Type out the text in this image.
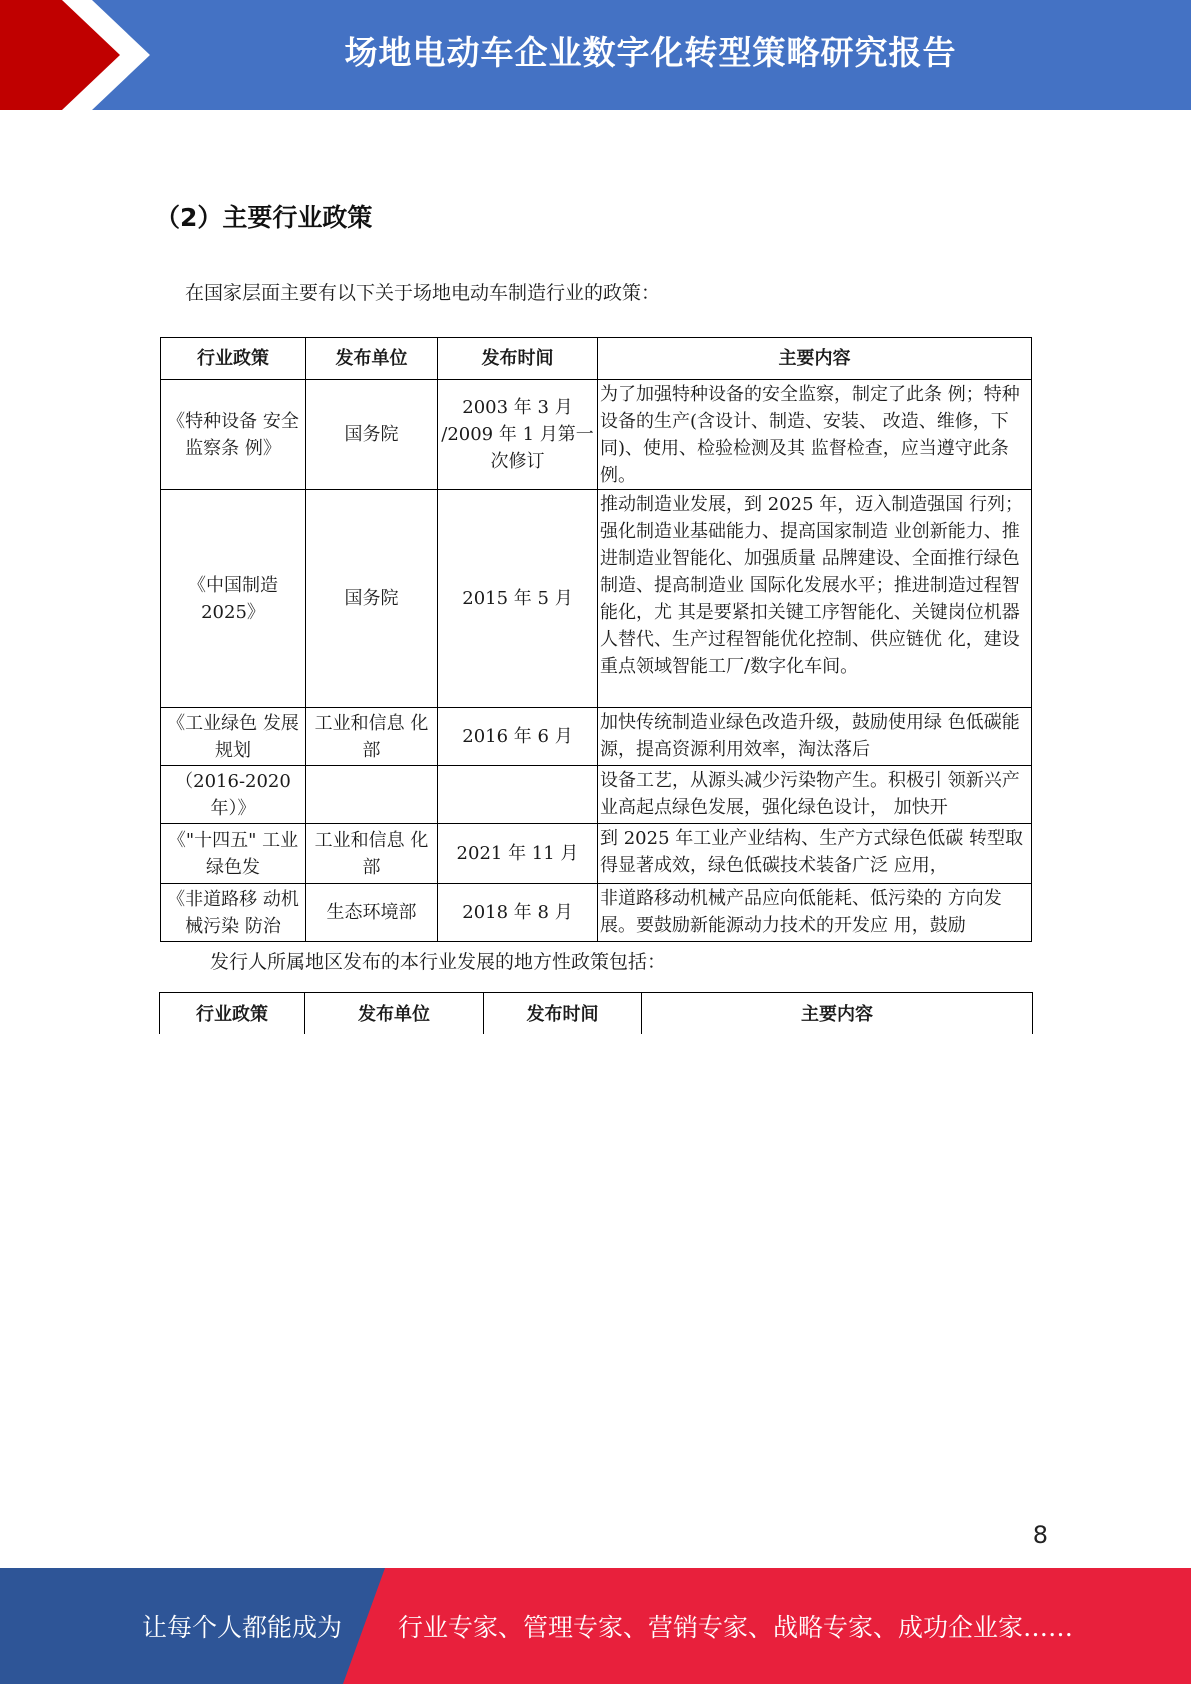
场地电动车企业数字化转型策略研究报告
（2）主要行业政策
在国家层面主要有以下关于场地电动车制造行业的政策：
行业政策	发布单位	发布时间	主要内容
《特种设备 安全监察条 例》	国务院	2003 年 3 月 /2009 年 1 月第一次修订	为了加强特种设备的安全监察，制定了此条 例；特种设备的生产(含设计、制造、安装、 改造、维修，下同)、使用、检验检测及其 监督检查，应当遵守此条例。
《中国制造 2025》	国务院	2015 年 5 月	推动制造业发展，到 2025 年，迈入制造强国 行列；强化制造业基础能力、提高国家制造 业创新能力、推进制造业智能化、加强质量 品牌建设、全面推行绿色制造、提高制造业 国际化发展水平；推进制造过程智能化，尤 其是要紧扣关键工序智能化、关键岗位机器 人替代、生产过程智能优化控制、供应链优 化，建设重点领域智能工厂/数字化车间。
《工业绿色 发展规划	工业和信息 化部	2016 年 6 月	加快传统制造业绿色改造升级，鼓励使用绿 色低碳能源，提高资源利用效率，淘汰落后
（2016-2020 年）》			设备工艺，从源头减少污染物产生。积极引 领新兴产业高起点绿色发展，强化绿色设计， 加快开
《"十四五" 工业绿色发	工业和信息 化部	2021 年 11 月	到 2025 年工业产业结构、生产方式绿色低碳 转型取得显著成效，绿色低碳技术装备广泛 应用，
《非道路移 动机械污染 防治	生态环境部	2018 年 8 月	非道路移动机械产品应向低能耗、低污染的 方向发展。要鼓励新能源动力技术的开发应 用，鼓励
发行人所属地区发布的本行业发展的地方性政策包括：
行业政策	发布单位	发布时间	主要内容

8
让每个人都能成为 行业专家、管理专家、营销专家、战略专家、成功企业家……
